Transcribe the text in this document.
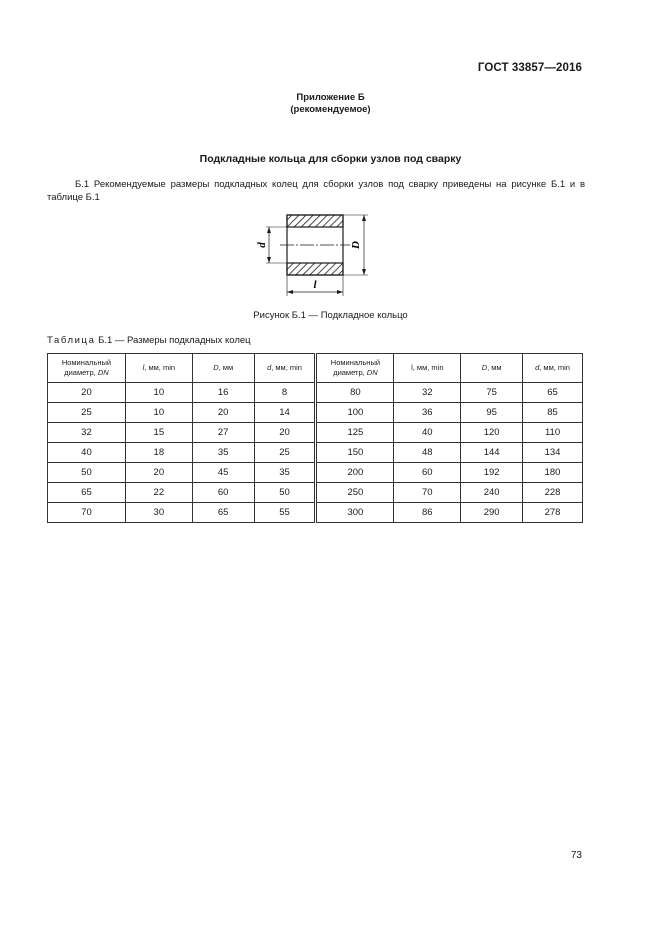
ГОСТ 33857—2016
Приложение Б
(рекомендуемое)
Подкладные кольца для сборки узлов под сварку
Б.1 Рекомендуемые размеры подкладных колец для сборки узлов под сварку приведены на рисунке Б.1 и в таблице Б.1
d	D
l
Рисунок Б.1 — Подкладное кольцо
Таблица Б.1 — Размеры подкладных колец
Номинальный диаметр, DN	l, мм, min	D, мм	d, мм, min	Номинальный диаметр, DN	l, мм, min	D, мм	d, мм, min
20	10	16	8	80	32	75	65
25	10	20	14	100	36	95	85
32	15	27	20	125	40	120	110
40	18	35	25	150	48	144	134
50	20	45	35	200	60	192	180
65	22	60	50	250	70	240	228
70	30	65	55	300	86	290	278
73
